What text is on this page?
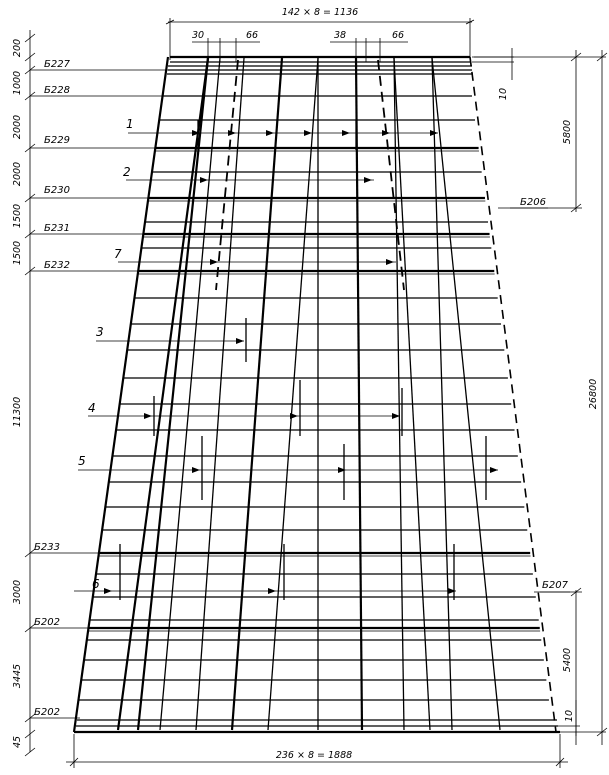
1
2
7
3
4
5
6
200
1000
2000
2000
1500
1500
11300
3000
3445
45
Б227
Б228
Б229
Б230
Б231
Б232
Б233
Б202
Б202
142 × 8 = 1136
30	66	38	66
10
10
5800
26800
5400
Б206
Б207
236 × 8 = 1888
